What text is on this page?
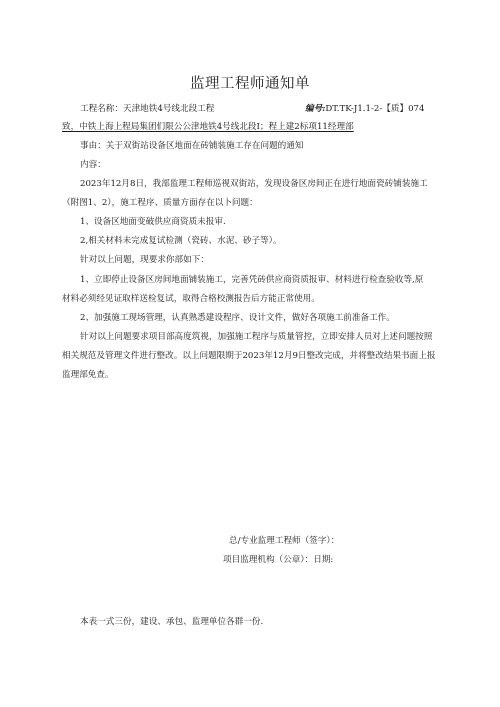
监理工程师通知单
工程名称：天津地铁4号线北段工程	编号:DT.TK-J1.1-2-【质】074
致，中铁上海上程局集团们限公公津地铁4号线北段I；程上建2标项11经理部
事由：关于双街站设备区地面在砖铺装施工存在问题的通知
内容：
2023年12月8日，我部监理工程师巡视双街站，发现设备区房间正在进行地面瓷砖铺装施工
（附图1、2），施工程序、质量方面存在以卜问题：
1、设备区地面变破供应商资质未报审.
2,相关材料未完成复试检测（瓷砖、水泥、砂子等）。
针对以上问题，现要求你部如下：
1、立即停止设备区房间地面铺装施工，完善凭砖供应商资质报审、材料进行检查验收等,原
材料必须经见证取样送检复试，取得合格校测报告后方能正常使用。
2、加强施工现场管理，认真熟悉建设程序、设计文件，做好各项施工前准备工作。
针对以上问题要求项目部高度筑视，加强施工程序与质量管控，立即安排人员对上述问题按照
相关规范及管理文件进行整改。以上问题限期于2023年12月9日整改完成，并将整改结果书面上报
监理部免查。
总/专业监理工程师（签字）：
项目监理机构（公章）：日期:
本表一式三份，建设、承包、监理单位各群一份.
